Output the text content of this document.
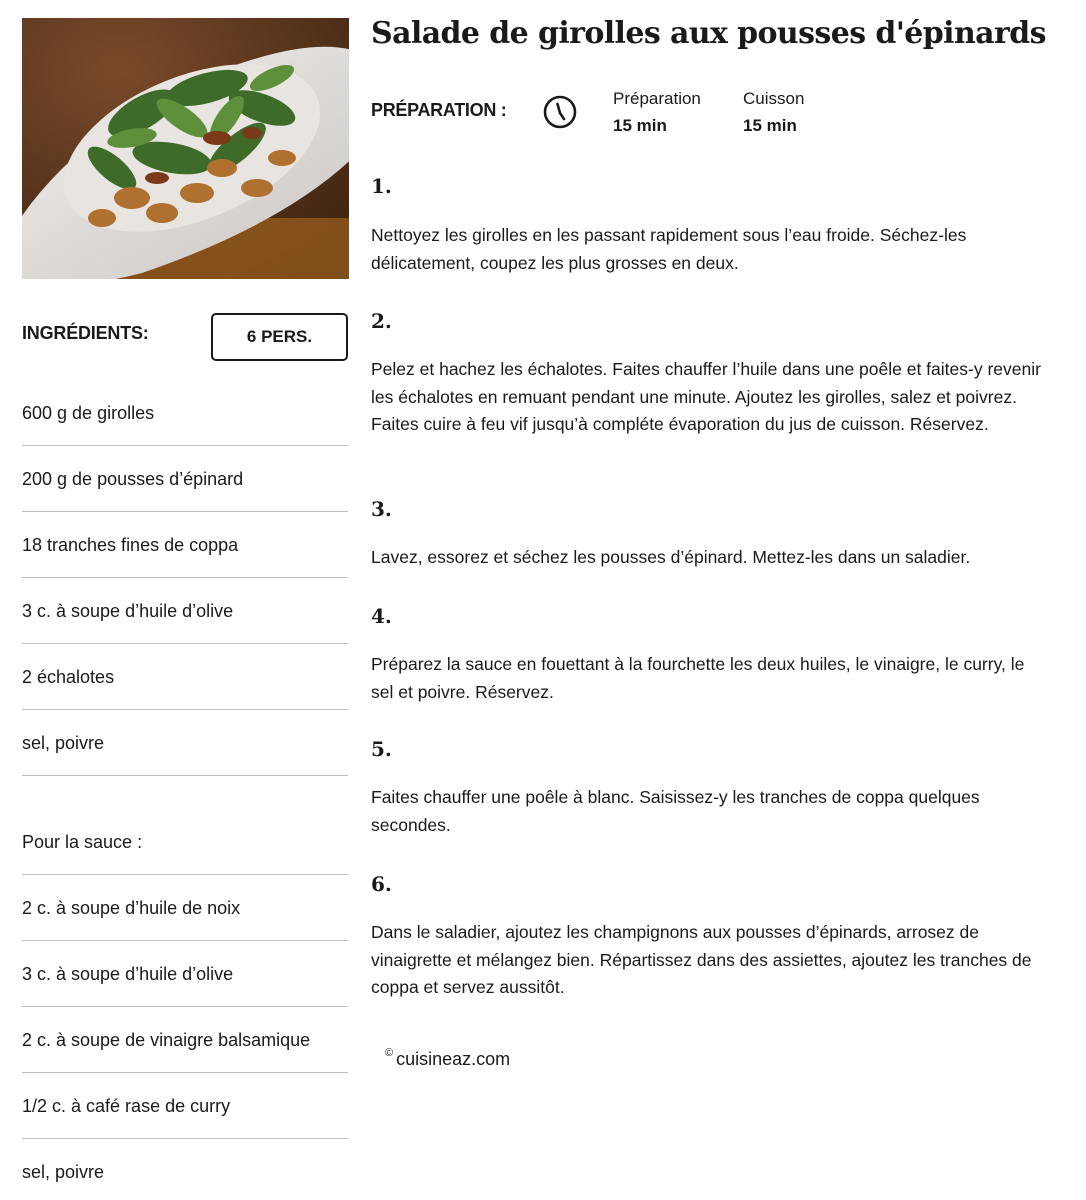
INGRÉDIENTS:	6 PERS.
600 g de girolles
200 g de pousses d’épinard
18 tranches fines de coppa
3 c. à soupe d’huile d’olive
2 échalotes
sel, poivre
Pour la sauce :
2 c. à soupe d’huile de noix
3 c. à soupe d’huile d’olive
2 c. à soupe de vinaigre balsamique
1/2 c. à café rase de curry
sel, poivre
Salade de girolles aux pousses d'épinards
PRÉPARATION :
Préparation
15 min
Cuisson
15 min
1.

Nettoyez les girolles en les passant rapidement sous l’eau froide. Séchez-les délicatement, coupez les plus grosses en deux.

2.

Pelez et hachez les échalotes. Faites chauffer l’huile dans une poêle et faites-y revenir les échalotes en remuant pendant une minute. Ajoutez les girolles, salez et poivrez. Faites cuire à feu vif jusqu’à compléte évaporation du jus de cuisson. Réservez.

3.

Lavez, essorez et séchez les pousses d’épinard. Mettez-les dans un saladier.

4.

Préparez la sauce en fouettant à la fourchette les deux huiles, le vinaigre, le curry, le sel et poivre. Réservez.

5.

Faites chauffer une poêle à blanc. Saisissez-y les tranches de coppa quelques secondes.

6.

Dans le saladier, ajoutez les champignons aux pousses d’épinards, arrosez de vinaigrette et mélangez bien. Répartissez dans des assiettes, ajoutez les tranches de coppa et servez aussitôt.

© cuisineaz.com
